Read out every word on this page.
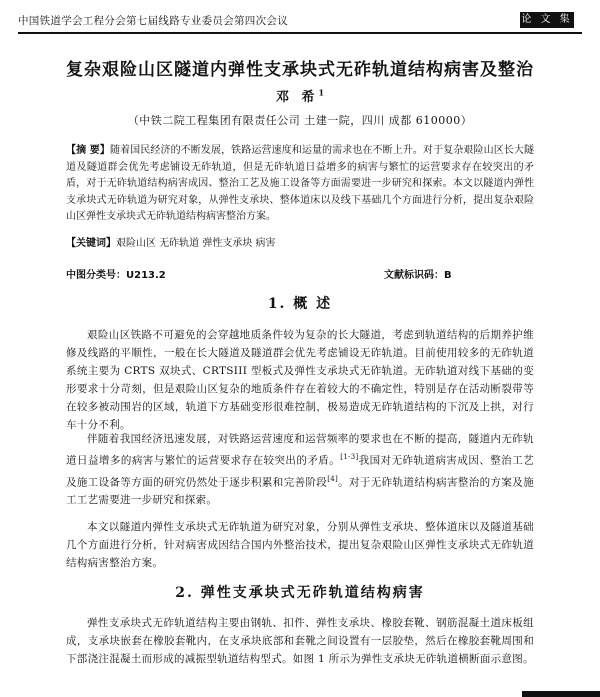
中国铁道学会工程分会第七届线路专业委员会第四次会议	论 文 集
复杂艰险山区隧道内弹性支承块式无砟轨道结构病害及整治
邓 希$^1$
（中铁二院工程集团有限责任公司 土建一院，四川 成都 610000）
【摘 要】随着国民经济的不断发展，铁路运营速度和运量的需求也在不断上升。对于复杂艰险山区长大隧道及隧道群会优先考虑铺设无砟轨道，但是无砟轨道日益增多的病害与繁忙的运营要求存在较突出的矛盾，对于无砟轨道结构病害成因、整治工艺及施工设备等方面需要进一步研究和探索。本文以隧道内弹性支承块式无砟轨道为研究对象，从弹性支承块、整体道床以及线下基础几个方面进行分析，提出复杂艰险山区弹性支承块式无砟轨道结构病害整治方案。
【关键词】艰险山区 无砟轨道 弹性支承块 病害
中图分类号：U213.2	文献标识码：B
1. 概 述
艰险山区铁路不可避免的会穿越地质条件较为复杂的长大隧道，考虑到轨道结构的后期养护维修及线路的平顺性，一般在长大隧道及隧道群会优先考虑铺设无砟轨道。目前使用较多的无砟轨道系统主要为 CRTS 双块式、CRTSIII 型板式及弹性支承块式无砟轨道。无砟轨道对线下基础的变形要求十分苛刻，但是艰险山区复杂的地质条件存在着较大的不确定性，特别是存在活动断裂带等在较多被动围岩的区域，轨道下方基础变形很难控制，极易造成无砟轨道结构的下沉及上拱，对行车十分不利。
伴随着我国经济迅速发展，对铁路运营速度和运营频率的要求也在不断的提高，隧道内无砟轨道日益增多的病害与繁忙的运营要求存在较突出的矛盾。[1-3]我国对无砟轨道病害成因、整治工艺及施工设备等方面的研究仍然处于逐步积累和完善阶段[4]。对于无砟轨道结构病害整治的方案及施工工艺需要进一步研究和探索。
本文以隧道内弹性支承块式无砟轨道为研究对象，分别从弹性支承块、整体道床以及隧道基础几个方面进行分析，针对病害成因结合国内外整治技术，提出复杂艰险山区弹性支承块式无砟轨道结构病害整治方案。
2. 弹性支承块式无砟轨道结构病害
弹性支承块式无砟轨道结构主要由钢轨、扣件、弹性支承块、橡胶套靴、钢筋混凝土道床板组成，支承块嵌套在橡胶套靴内，在支承块底部和套靴之间设置有一层胶垫，然后在橡胶套靴周围和下部浇注混凝土而形成的减振型轨道结构型式。如图 1 所示为弹性支承块无砟轨道横断面示意图。
